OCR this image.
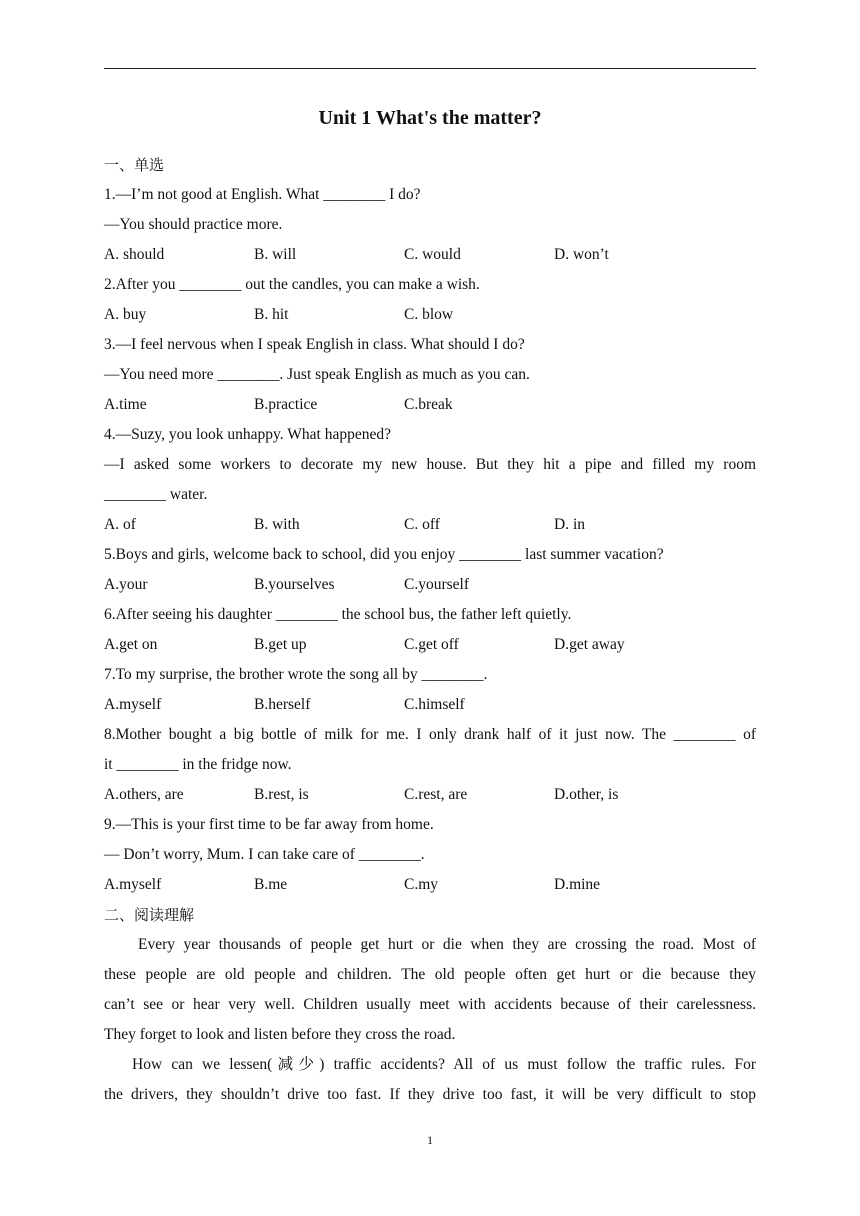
Unit 1 What's the matter?
一、单选
1.—I’m not good at English. What ________ I do?
—You should practice more.
A. should	B. will	C. would	D. won’t
2.After you ________ out the candles, you can make a wish.
A. buy	B. hit	C. blow
3.—I feel nervous when I speak English in class. What should I do?
—You need more ________. Just speak English as much as you can.
A.time	B.practice	C.break
4.—Suzy, you look unhappy. What happened?
—I asked some workers to decorate my new house. But they hit a pipe and filled my room
________ water.
A. of	B. with	C. off	D. in
5.Boys and girls, welcome back to school, did you enjoy ________ last summer vacation?
A.your	B.yourselves	C.yourself
6.After seeing his daughter ________ the school bus, the father left quietly.
A.get on	B.get up	C.get off	D.get away
7.To my surprise, the brother wrote the song all by ________.
A.myself	B.herself	C.himself
8.Mother bought a big bottle of milk for me. I only drank half of it just now. The ________ of
it ________ in the fridge now.
A.others, are	B.rest, is	C.rest, are	D.other, is
9.—This is your first time to be far away from home.
— Don’t worry, Mum. I can take care of ________.
A.myself	B.me	C.my	D.mine
二、阅读理解
Every year thousands of people get hurt or die when they are crossing the road. Most of
these people are old people and children. The old people often get hurt or die because they
can’t see or hear very well. Children usually meet with accidents because of their carelessness.
They forget to look and listen before they cross the road.
How can we lessen(减少) traffic accidents? All of us must follow the traffic rules. For
the drivers, they shouldn’t drive too fast. If they drive too fast, it will be very difficult to stop
1
